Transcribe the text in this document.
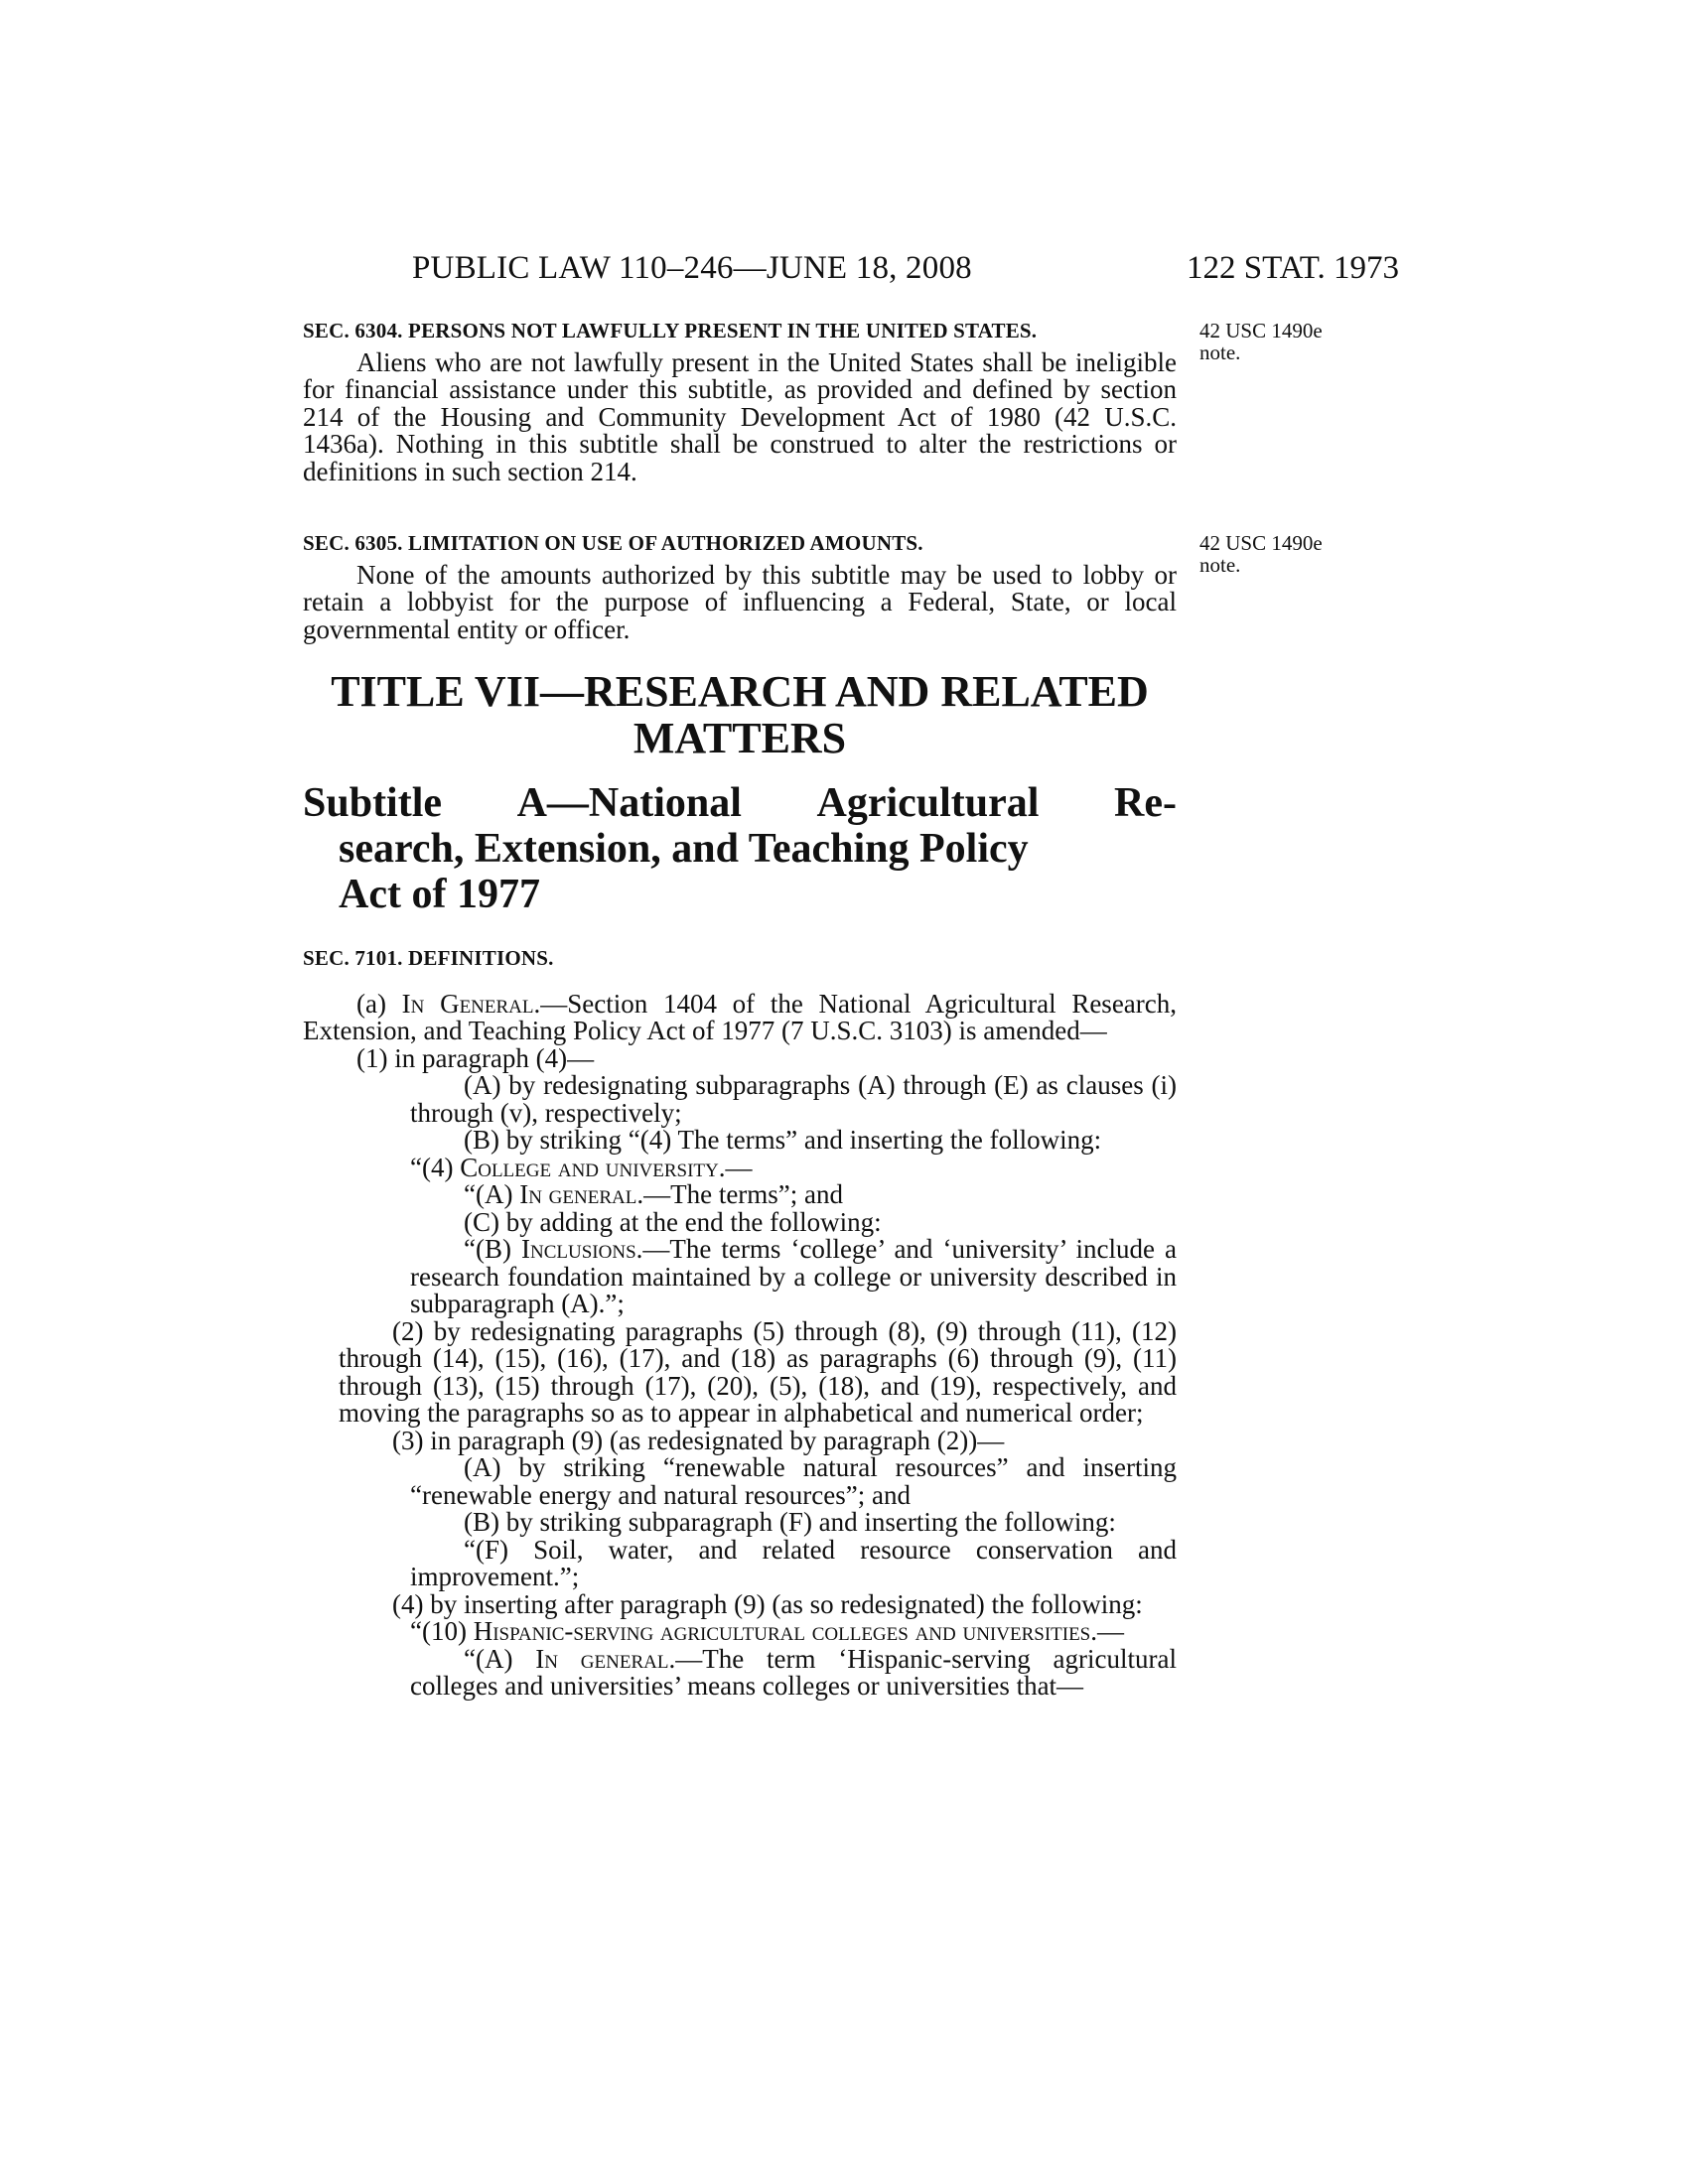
PUBLIC LAW 110–246—JUNE 18, 2008	122 STAT. 1973
SEC. 6304. PERSONS NOT LAWFULLY PRESENT IN THE UNITED STATES.

Aliens who are not lawfully present in the United States shall be ineligible for financial assistance under this subtitle, as provided and defined by section 214 of the Housing and Community Development Act of 1980 (42 U.S.C. 1436a). Nothing in this subtitle shall be construed to alter the restrictions or definitions in such section 214.

42 USC 1490e
note.
SEC. 6305. LIMITATION ON USE OF AUTHORIZED AMOUNTS.

None of the amounts authorized by this subtitle may be used to lobby or retain a lobbyist for the purpose of influencing a Federal, State, or local governmental entity or officer.

42 USC 1490e
note.
TITLE VII—RESEARCH AND RELATED
MATTERS
Subtitle A—National Agricultural Re-
search, Extension, and Teaching Policy
Act of 1977
SEC. 7101. DEFINITIONS.

(a) In General.—Section 1404 of the National Agricultural Research, Extension, and Teaching Policy Act of 1977 (7 U.S.C. 3103) is amended—

(1) in paragraph (4)—

(A) by redesignating subparagraphs (A) through (E) as clauses (i) through (v), respectively;

(B) by striking “(4) The terms” and inserting the following:

“(4) College and university.—

“(A) In general.—The terms”; and

(C) by adding at the end the following:

“(B) Inclusions.—The terms ‘college’ and ‘university’ include a research foundation maintained by a college or university described in subparagraph (A).”;

(2) by redesignating paragraphs (5) through (8), (9) through (11), (12) through (14), (15), (16), (17), and (18) as paragraphs (6) through (9), (11) through (13), (15) through (17), (20), (5), (18), and (19), respectively, and moving the paragraphs so as to appear in alphabetical and numerical order;

(3) in paragraph (9) (as redesignated by paragraph (2))—

(A) by striking “renewable natural resources” and inserting “renewable energy and natural resources”; and

(B) by striking subparagraph (F) and inserting the following:

“(F) Soil, water, and related resource conservation and improvement.”;

(4) by inserting after paragraph (9) (as so redesignated) the following:

“(10) Hispanic-serving agricultural colleges and universities.—

“(A) In general.—The term ‘Hispanic-serving agricultural colleges and universities’ means colleges or universities that—
